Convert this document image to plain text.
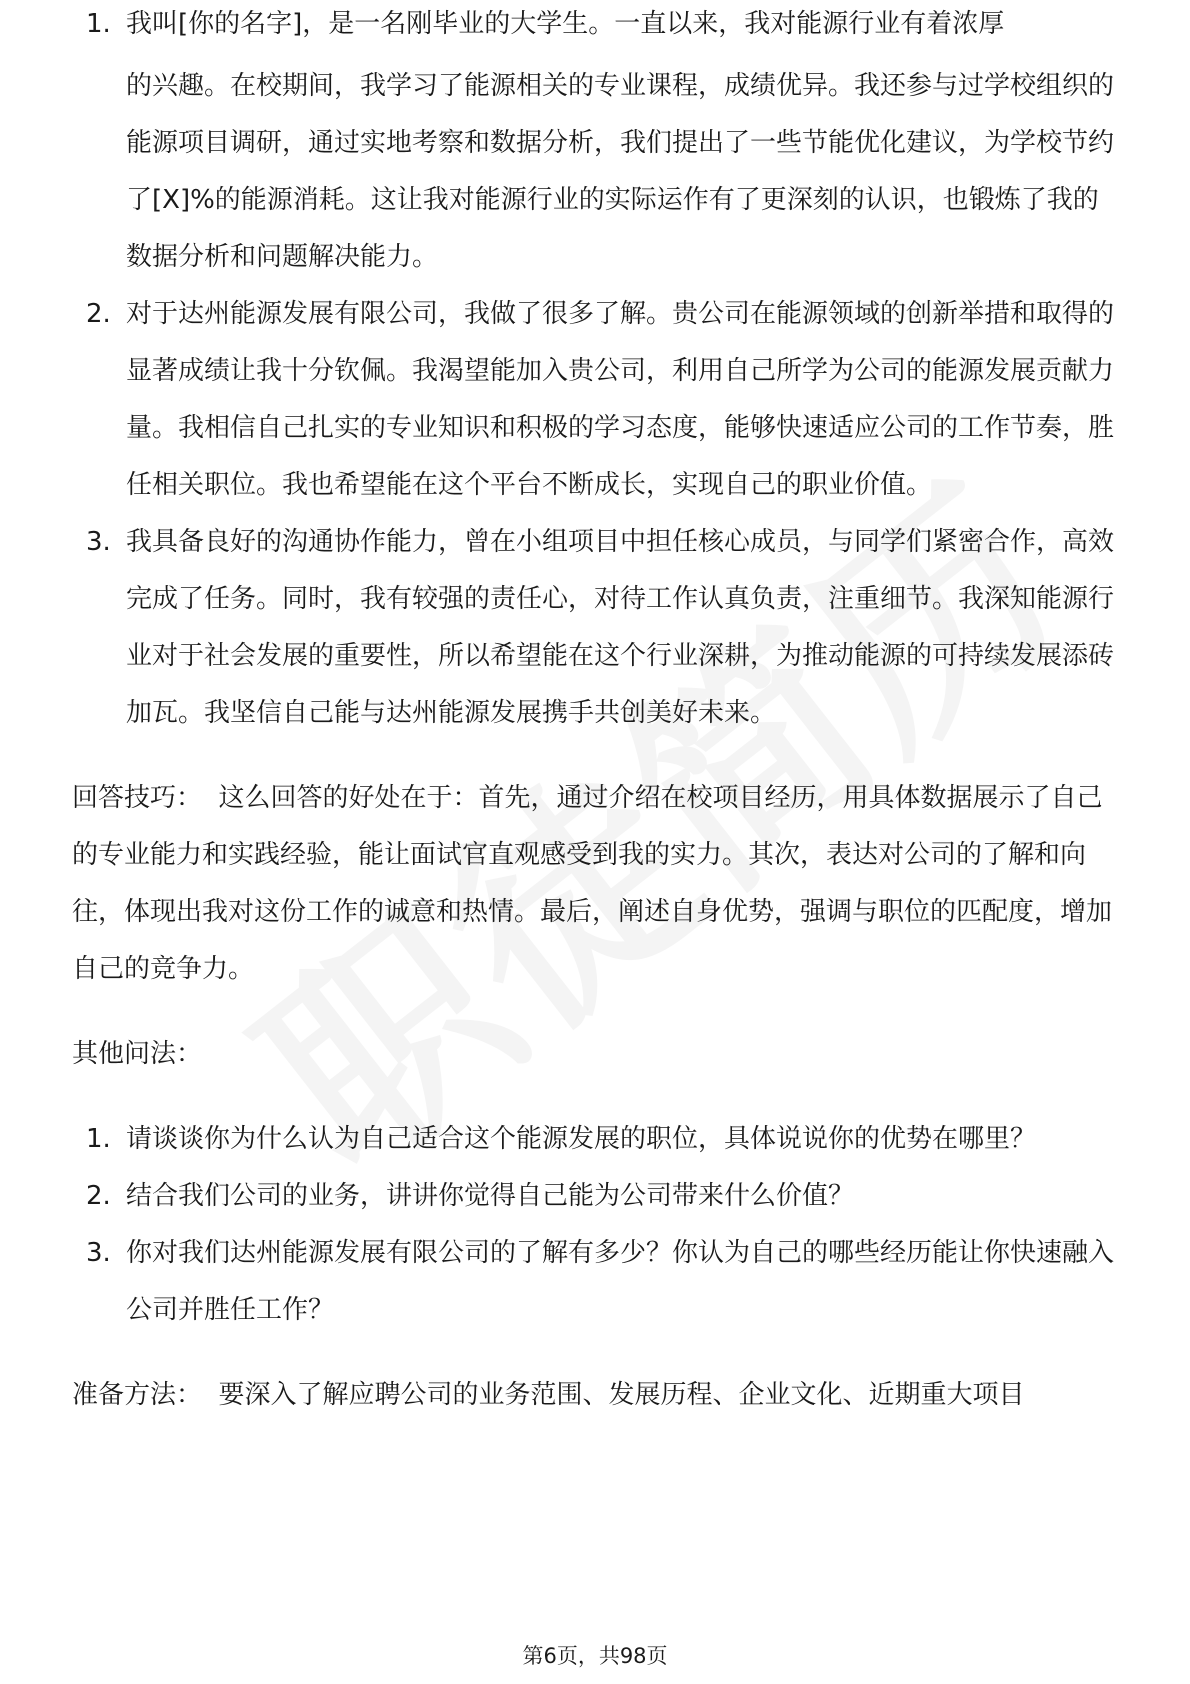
1. 我叫[你的名字]，是一名刚毕业的大学生。一直以来，我对能源行业有着浓厚
的兴趣。在校期间，我学习了能源相关的专业课程，成绩优异。我还参与过学校组织的能源项目调研，通过实地考察和数据分析，我们提出了一些节能优化建议，为学校节约了[X]%的能源消耗。这让我对能源行业的实际运作有了更深刻的认识，也锻炼了我的数据分析和问题解决能力。
2. 对于达州能源发展有限公司，我做了很多了解。贵公司在能源领域的创新举措和取得的显著成绩让我十分钦佩。我渴望能加入贵公司，利用自己所学为公司的能源发展贡献力量。我相信自己扎实的专业知识和积极的学习态度，能够快速适应公司的工作节奏，胜任相关职位。我也希望能在这个平台不断成长，实现自己的职业价值。
3. 我具备良好的沟通协作能力，曾在小组项目中担任核心成员，与同学们紧密合作，高效完成了任务。同时，我有较强的责任心，对待工作认真负责，注重细节。我深知能源行业对于社会发展的重要性，所以希望能在这个行业深耕，为推动能源的可持续发展添砖加瓦。我坚信自己能与达州能源发展携手共创美好未来。

回答技巧： 这么回答的好处在于：首先，通过介绍在校项目经历，用具体数据展示了自己的专业能力和实践经验，能让面试官直观感受到我的实力。其次，表达对公司的了解和向往，体现出我对这份工作的诚意和热情。最后，阐述自身优势，强调与职位的匹配度，增加自己的竞争力。

其他问法：

1. 请谈谈你为什么认为自己适合这个能源发展的职位，具体说说你的优势在哪里？
2. 结合我们公司的业务，讲讲你觉得自己能为公司带来什么价值？
3. 你对我们达州能源发展有限公司的了解有多少？你认为自己的哪些经历能让你快速融入公司并胜任工作？

准备方法： 要深入了解应聘公司的业务范围、发展历程、企业文化、近期重大项目

第6页，共98页
